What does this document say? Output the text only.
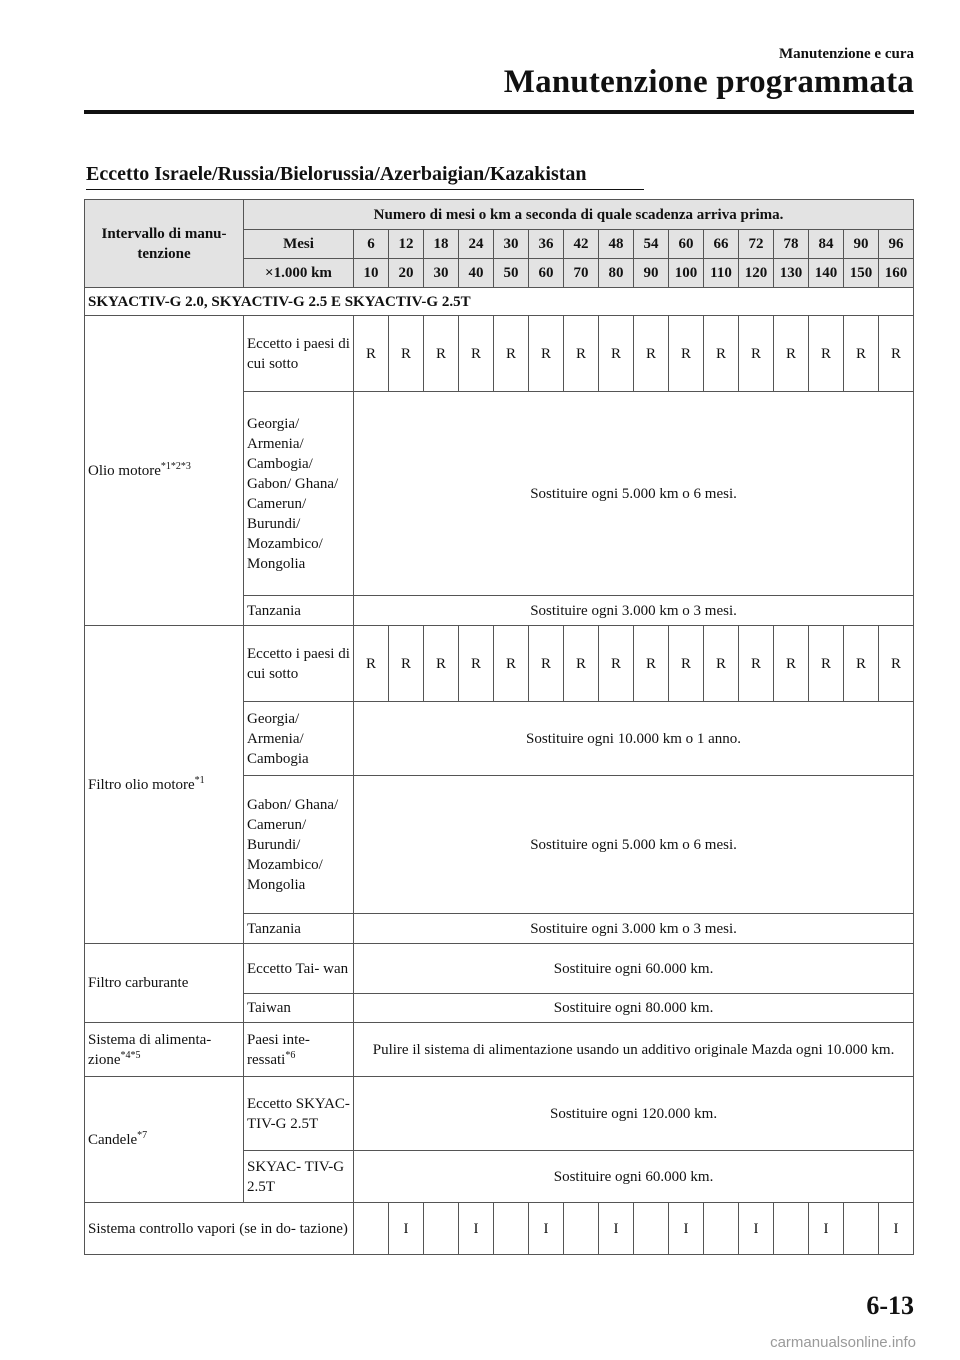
Manutenzione e cura
Manutenzione programmata
Eccetto Israele/Russia/Bielorussia/Azerbaigian/Kazakistan
Intervallo di manu- tenzione	Numero di mesi o km a seconda di quale scadenza arriva prima.																
	Mesi	6	12	18	24	30	36	42	48	54	60	66	72	78	84	90	96
	×1.000 km	10	20	30	40	50	60	70	80	90	100	110	120	130	140	150	160
SKYACTIV-G 2.0, SKYACTIV-G 2.5 E SKYACTIV-G 2.5T																	
Olio motore$^{*1*2*3}$	Eccetto i paesi di cui sotto	R	R	R	R	R	R	R	R	R	R	R	R	R	R	R	R
	Georgia/ Armenia/ Cambogia/ Gabon/ Ghana/ Camerun/ Burundi/ Mozambico/ Mongolia	Sostituire ogni 5.000 km o 6 mesi.															
	Tanzania	Sostituire ogni 3.000 km o 3 mesi.															
Filtro olio motore$^{*1}$	Eccetto i paesi di cui sotto	R	R	R	R	R	R	R	R	R	R	R	R	R	R	R	R
	Georgia/ Armenia/ Cambogia	Sostituire ogni 10.000 km o 1 anno.															
	Gabon/ Ghana/ Camerun/ Burundi/ Mozambico/ Mongolia	Sostituire ogni 5.000 km o 6 mesi.															
	Tanzania	Sostituire ogni 3.000 km o 3 mesi.															
Filtro carburante	Eccetto Tai- wan	Sostituire ogni 60.000 km.															
	Taiwan	Sostituire ogni 80.000 km.															
Sistema di alimenta- zione$^{*4*5}$	Paesi inte- ressati$^{*6}$	Pulire il sistema di alimentazione usando un additivo originale Mazda ogni 10.000 km.															
Candele$^{*7}$	Eccetto SKYAC- TIV-G 2.5T	Sostituire ogni 120.000 km.															
	SKYAC- TIV-G 2.5T	Sostituire ogni 60.000 km.															
Sistema controllo vapori (se in do- tazione)			I		I		I		I		I		I		I		I
6-13
carmanualsonline.info
